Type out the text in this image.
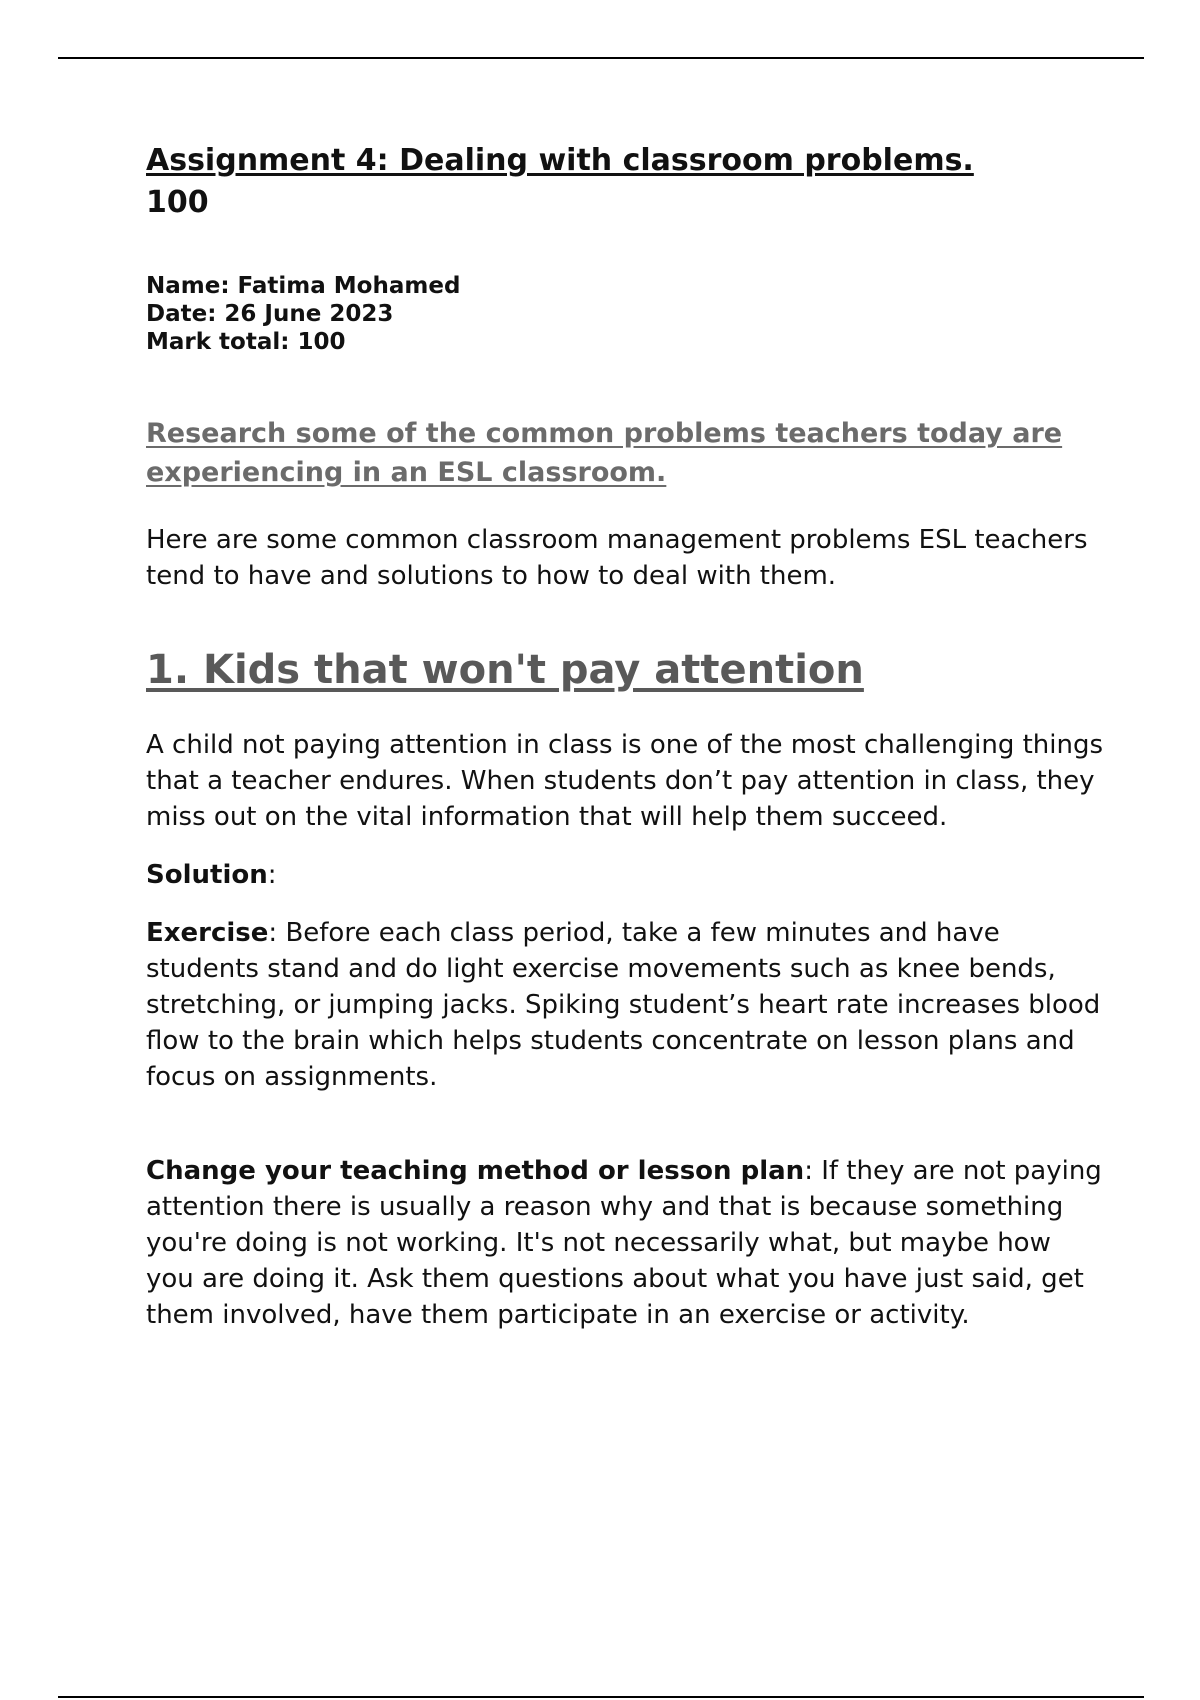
Assignment 4: Dealing with classroom problems.
100
Name: Fatima Mohamed
Date: 26 June 2023
Mark total: 100
Research some of the common problems teachers today are experiencing in an ESL classroom.

Here are some common classroom management problems ESL teachers tend to have and solutions to how to deal with them.

1. Kids that won't pay attention

A child not paying attention in class is one of the most challenging things that a teacher endures. When students don’t pay attention in class, they miss out on the vital information that will help them succeed.

Solution:

Exercise: Before each class period, take a few minutes and have students stand and do light exercise movements such as knee bends, stretching, or jumping jacks. Spiking student’s heart rate increases blood flow to the brain which helps students concentrate on lesson plans and focus on assignments.

Change your teaching method or lesson plan: If they are not paying attention there is usually a reason why and that is because something you're doing is not working. It's not necessarily what, but maybe how you are doing it. Ask them questions about what you have just said, get them involved, have them participate in an exercise or activity.
